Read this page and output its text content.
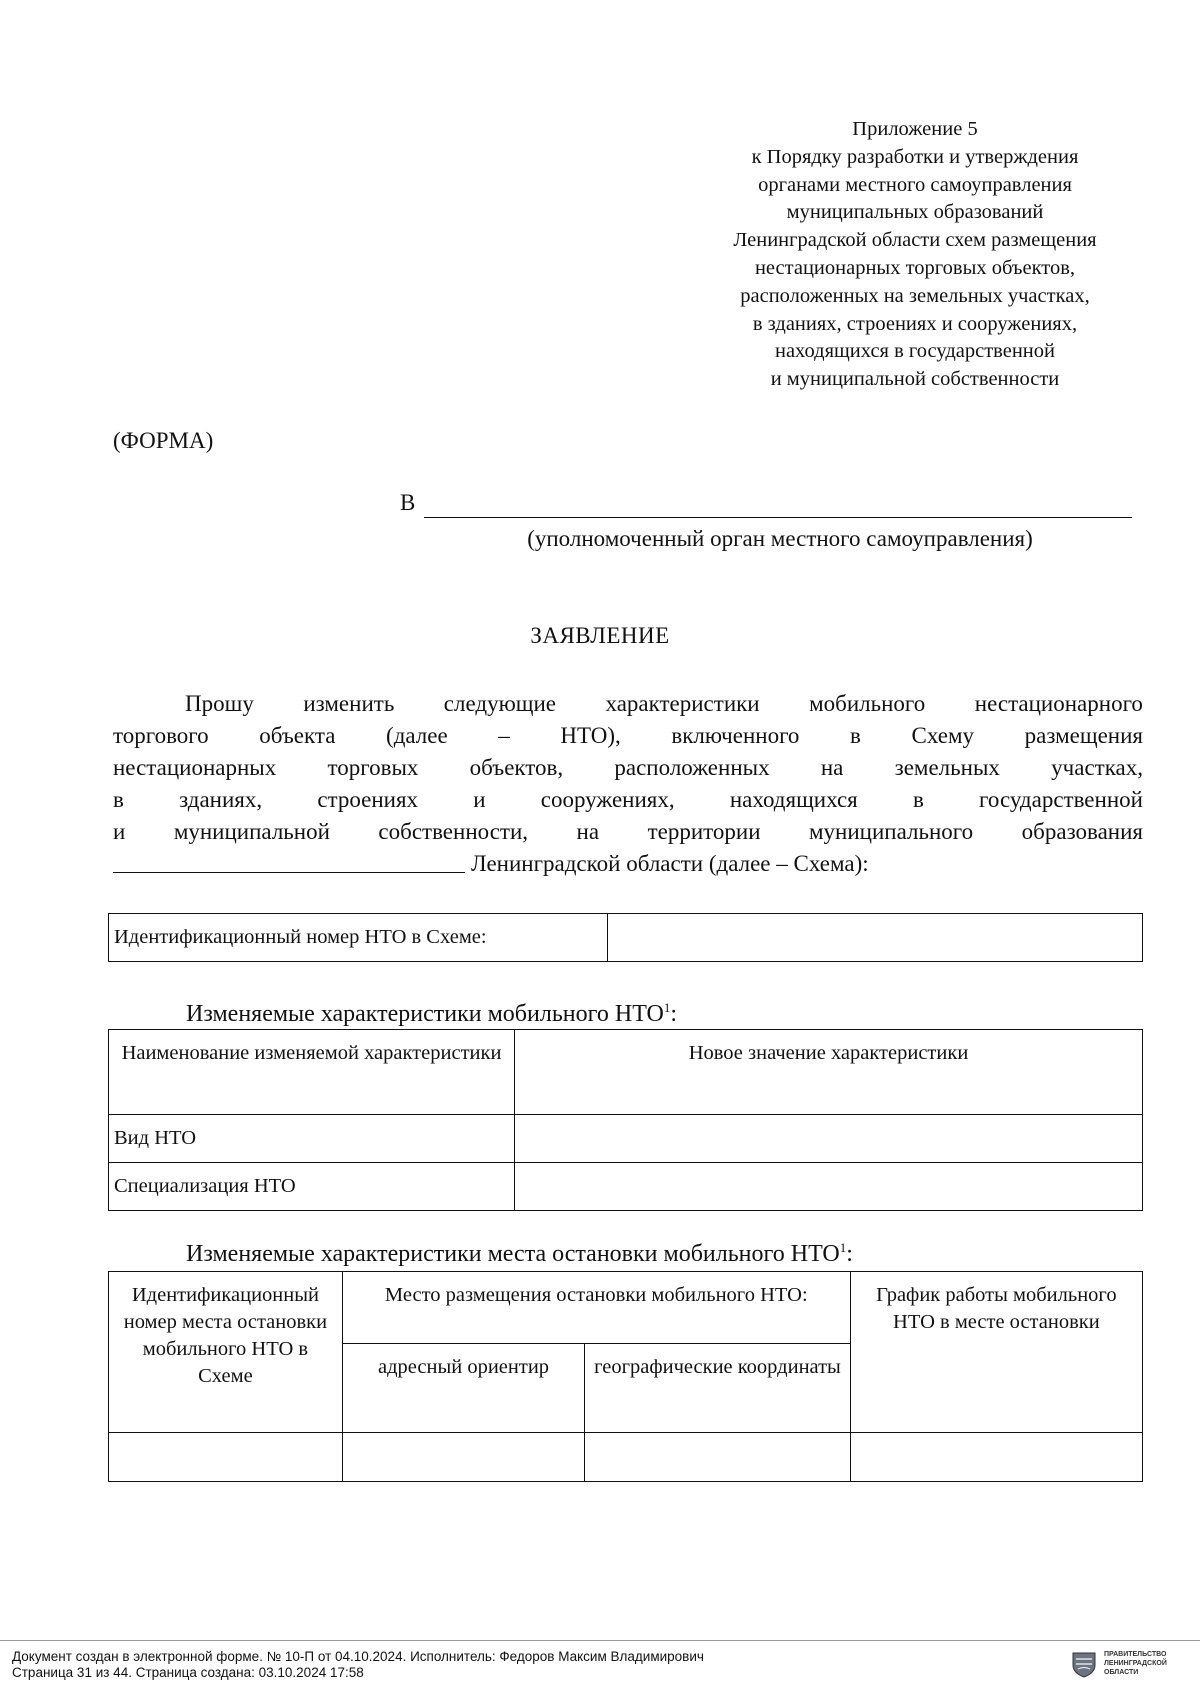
Приложение 5
к Порядку разработки и утверждения
органами местного самоуправления
муниципальных образований
Ленинградской области схем размещения
нестационарных торговых объектов,
расположенных на земельных участках,
в зданиях, строениях и сооружениях,
находящихся в государственной
и муниципальной собственности
(ФОРМА)
В
(уполномоченный орган местного самоуправления)
ЗАЯВЛЕНИЕ
Прошу изменить следующие характеристики мобильного нестационарного
торгового объекта (далее – НТО), включенного в Схему размещения
нестационарных торговых объектов, расположенных на земельных участках,
в зданиях, строениях и сооружениях, находящихся в государственной
и муниципальной собственности, на территории муниципального образования
Ленинградской области (далее – Схема):
Идентификационный номер НТО в Схеме:	
Изменяемые характеристики мобильного НТО$^1$:
Наименование изменяемой характеристики	Новое значение характеристики
Вид НТО	
Специализация НТО	
Изменяемые характеристики места остановки мобильного НТО$^1$:
Идентификационный номер места остановки мобильного НТО в Схеме	Место размещения остановки мобильного НТО:		График работы мобильного НТО в месте остановки
	адресный ориентир	географические координаты	

Документ создан в электронной форме. № 10-П от 04.10.2024. Исполнитель: Федоров Максим Владимирович
Страница 31 из 44. Страница создана: 03.10.2024 17:58
ПРАВИТЕЛЬСТВО ЛЕНИНГРАДСКОЙ ОБЛАСТИ
